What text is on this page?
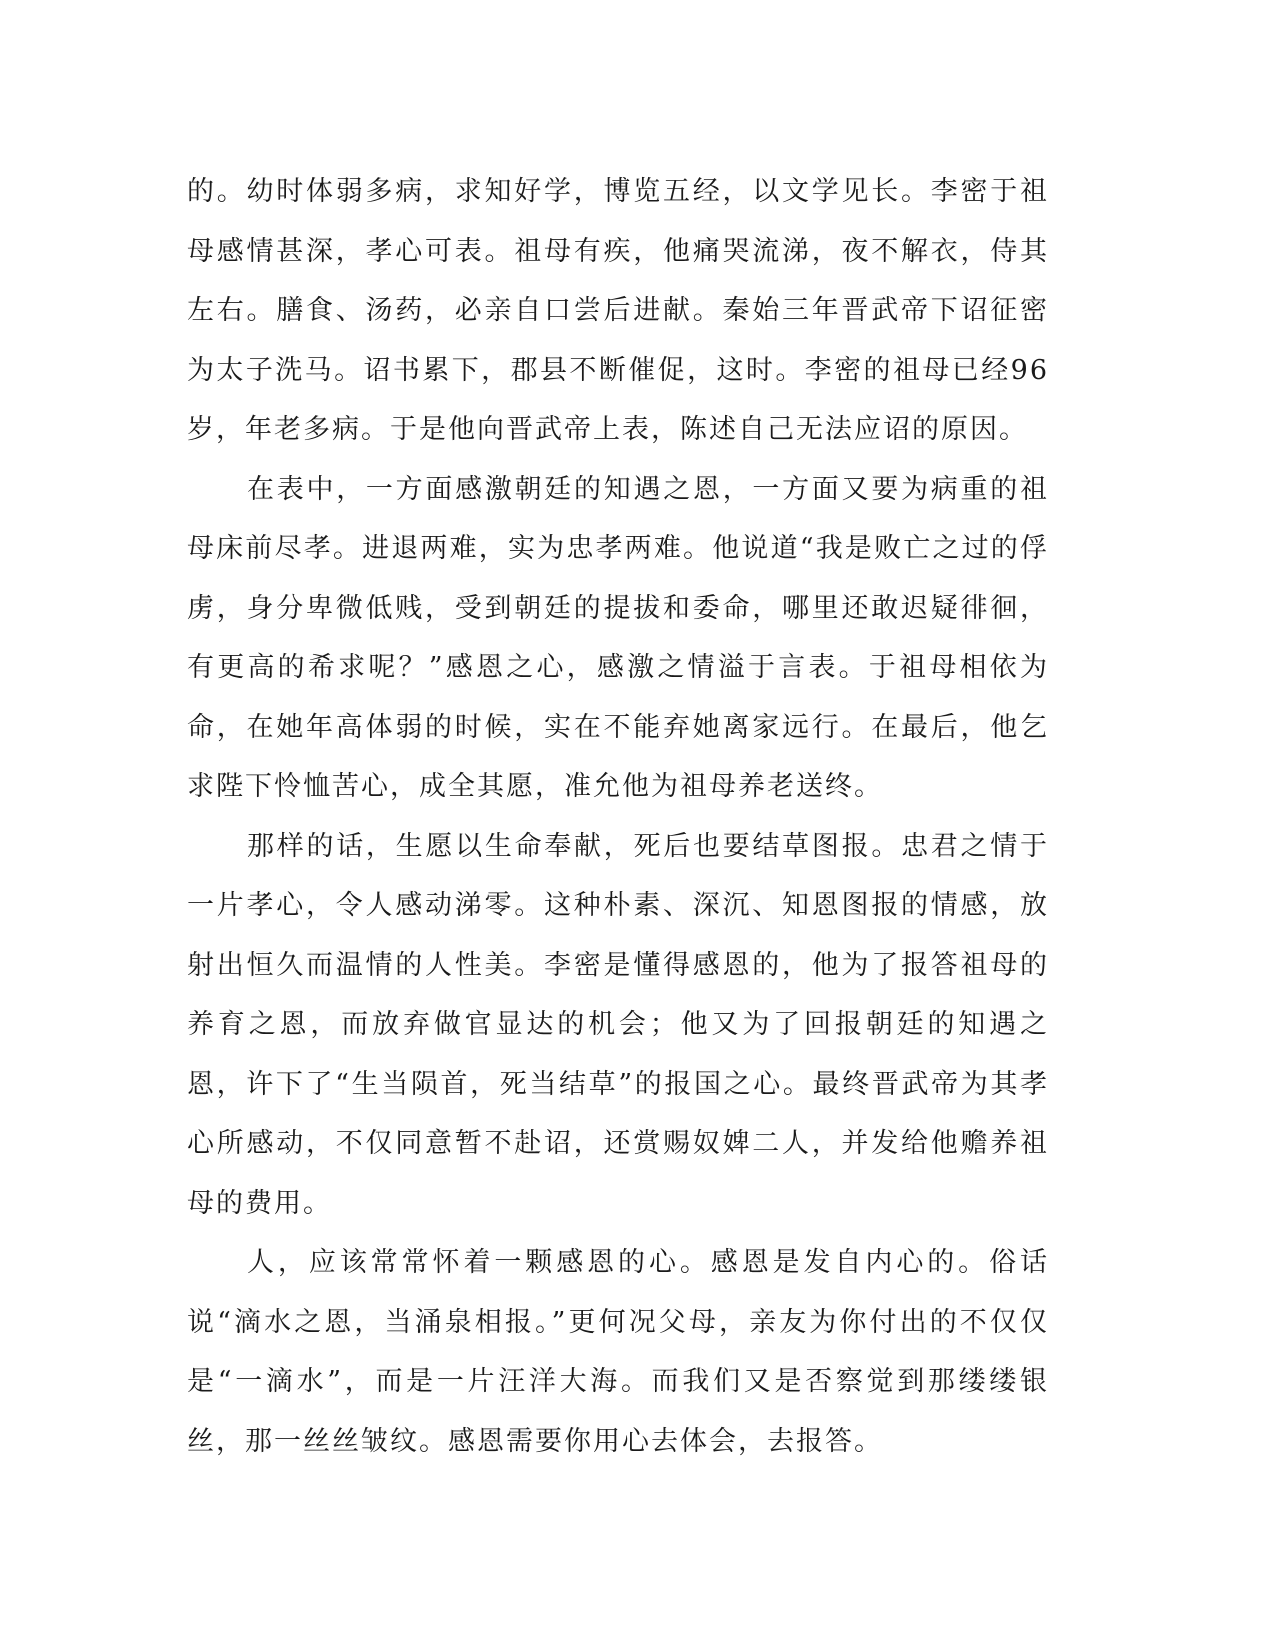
的。幼时体弱多病，求知好学，博览五经，以文学见长。李密于祖母感情甚深，孝心可表。祖母有疾，他痛哭流涕，夜不解衣，侍其左右。膳食、汤药，必亲自口尝后进献。秦始三年晋武帝下诏征密为太子洗马。诏书累下，郡县不断催促，这时。李密的祖母已经96岁，年老多病。于是他向晋武帝上表，陈述自己无法应诏的原因。

在表中，一方面感激朝廷的知遇之恩，一方面又要为病重的祖母床前尽孝。进退两难，实为忠孝两难。他说道“我是败亡之过的俘虏，身分卑微低贱，受到朝廷的提拔和委命，哪里还敢迟疑徘徊，有更高的希求呢？”感恩之心，感激之情溢于言表。于祖母相依为命，在她年高体弱的时候，实在不能弃她离家远行。在最后，他乞求陛下怜恤苦心，成全其愿，准允他为祖母养老送终。

那样的话，生愿以生命奉献，死后也要结草图报。忠君之情于一片孝心，令人感动涕零。这种朴素、深沉、知恩图报的情感，放射出恒久而温情的人性美。李密是懂得感恩的，他为了报答祖母的养育之恩，而放弃做官显达的机会；他又为了回报朝廷的知遇之恩，许下了“生当陨首，死当结草”的报国之心。最终晋武帝为其孝心所感动，不仅同意暂不赴诏，还赏赐奴婢二人，并发给他赡养祖母的费用。

人，应该常常怀着一颗感恩的心。感恩是发自内心的。俗话说“滴水之恩，当涌泉相报。”更何况父母，亲友为你付出的不仅仅是“一滴水”，而是一片汪洋大海。而我们又是否察觉到那缕缕银丝，那一丝丝皱纹。感恩需要你用心去体会，去报答。
